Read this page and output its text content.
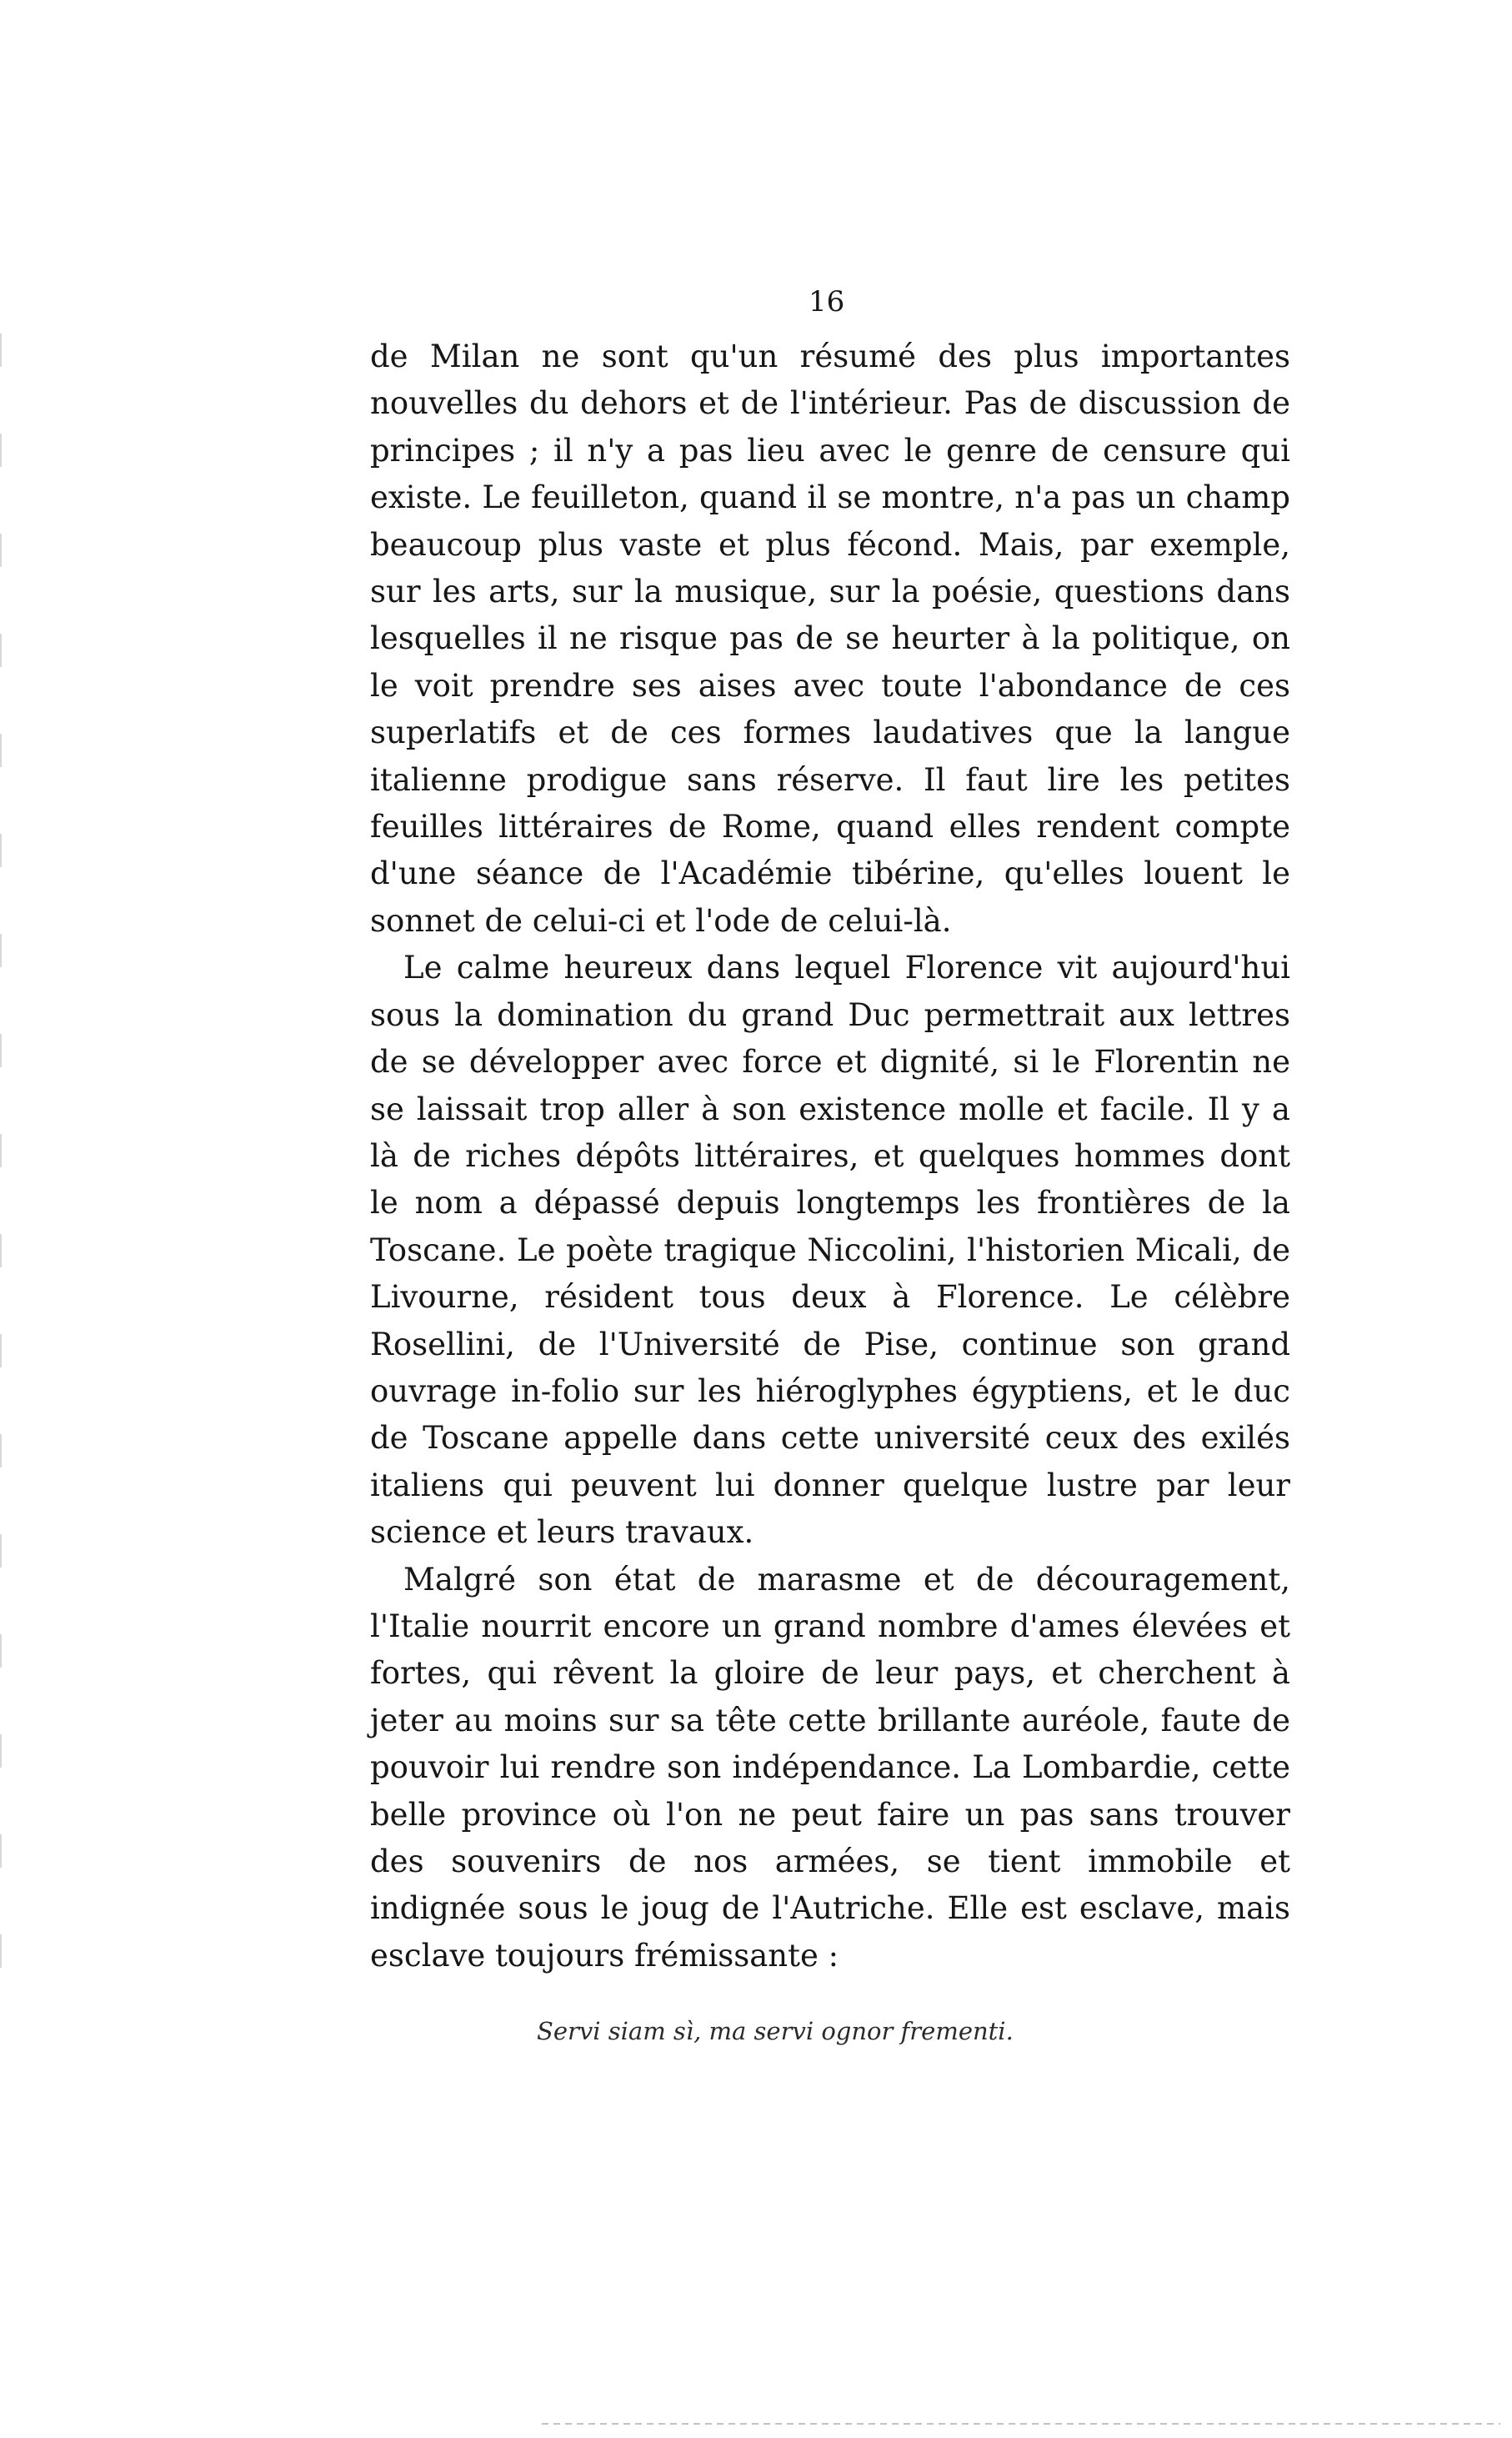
16

de Milan ne sont qu'un résumé des plus importantes nouvelles du dehors et de l'intérieur. Pas de discussion de principes ; il n'y a pas lieu avec le genre de censure qui existe. Le feuilleton, quand il se montre, n'a pas un champ beaucoup plus vaste et plus fécond. Mais, par exemple, sur les arts, sur la musique, sur la poésie, questions dans lesquelles il ne risque pas de se heurter à la politique, on le voit prendre ses aises avec toute l'abondance de ces superlatifs et de ces formes laudatives que la langue italienne prodigue sans réserve. Il faut lire les petites feuilles littéraires de Rome, quand elles rendent compte d'une séance de l'Académie tibérine, qu'elles louent le sonnet de celui-ci et l'ode de celui-là.

Le calme heureux dans lequel Florence vit aujourd'hui sous la domination du grand Duc permettrait aux lettres de se développer avec force et dignité, si le Florentin ne se laissait trop aller à son existence molle et facile. Il y a là de riches dépôts littéraires, et quelques hommes dont le nom a dépassé depuis longtemps les frontières de la Toscane. Le poète tragique Niccolini, l'historien Micali, de Livourne, résident tous deux à Florence. Le célèbre Rosellini, de l'Université de Pise, continue son grand ouvrage in-folio sur les hiéroglyphes égyptiens, et le duc de Toscane appelle dans cette université ceux des exilés italiens qui peuvent lui donner quelque lustre par leur science et leurs travaux.

Malgré son état de marasme et de découragement, l'Italie nourrit encore un grand nombre d'ames élevées et fortes, qui rêvent la gloire de leur pays, et cherchent à jeter au moins sur sa tête cette brillante auréole, faute de pouvoir lui rendre son indépendance. La Lombardie, cette belle province où l'on ne peut faire un pas sans trouver des souvenirs de nos armées, se tient immobile et indignée sous le joug de l'Autriche. Elle est esclave, mais esclave toujours frémissante :

Servi siam sì, ma servi ognor frementi.
